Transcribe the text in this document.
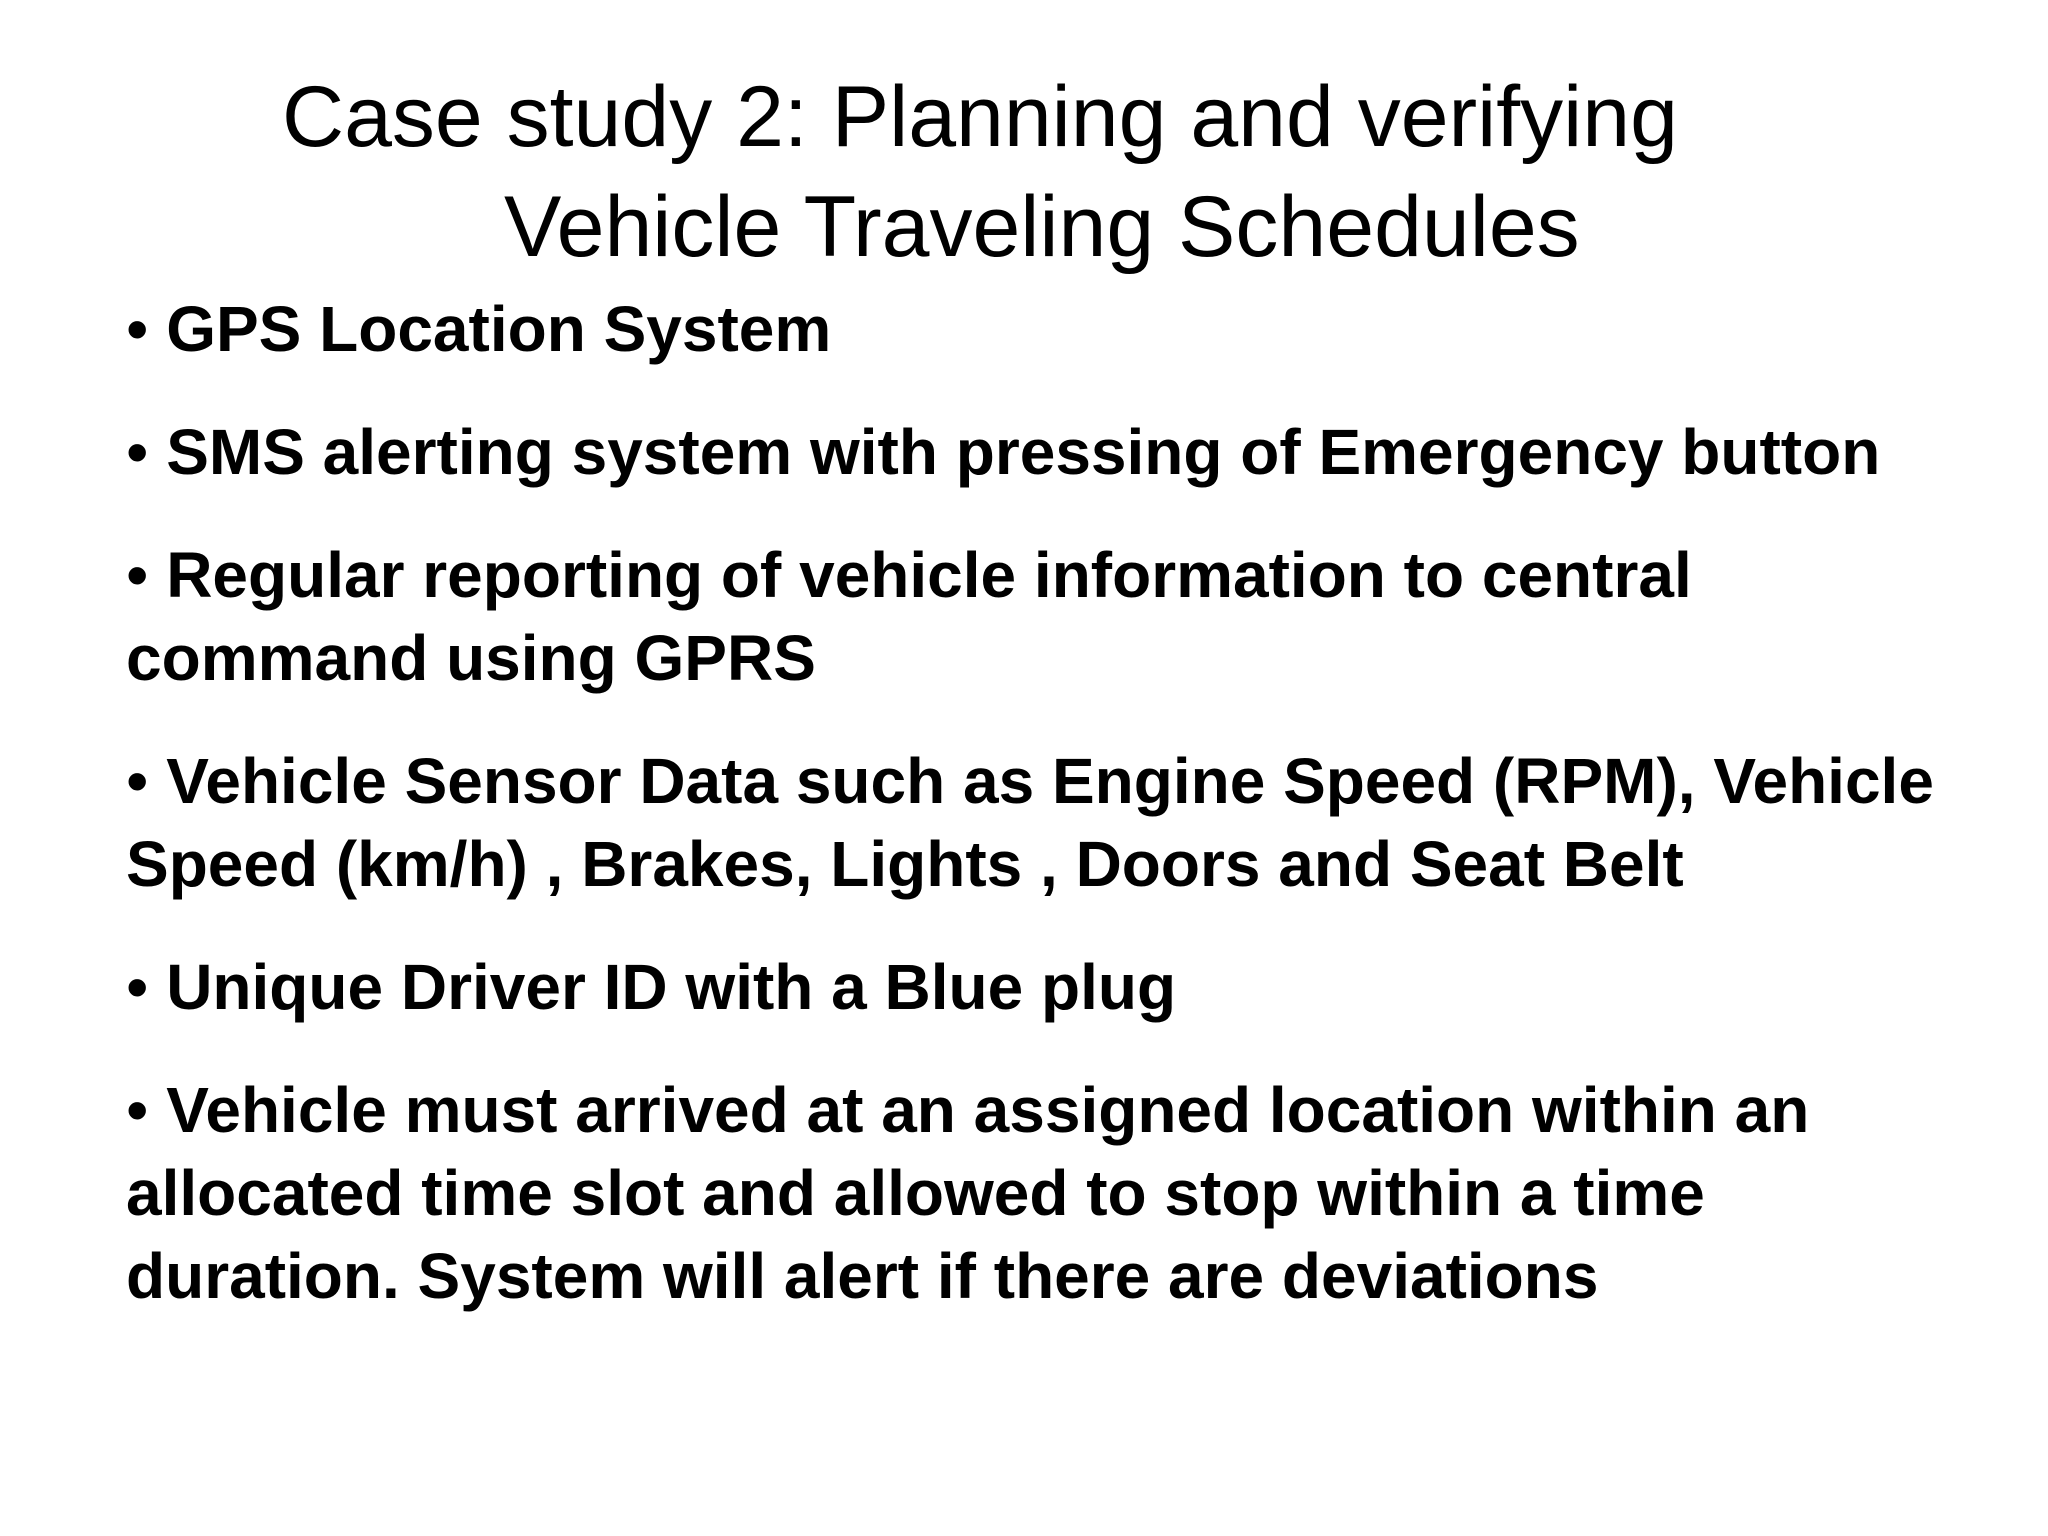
Case study 2: Planning and verifying
Vehicle Traveling Schedules
• GPS Location System
• SMS alerting system with pressing of Emergency button
• Regular reporting of vehicle information to central command using GPRS
• Vehicle Sensor Data such as Engine Speed (RPM), Vehicle Speed (km/h) , Brakes, Lights , Doors and Seat Belt
• Unique Driver ID with a Blue plug
• Vehicle must arrived at an assigned location within an allocated time slot and allowed to stop within a time duration. System will alert if there are deviations
